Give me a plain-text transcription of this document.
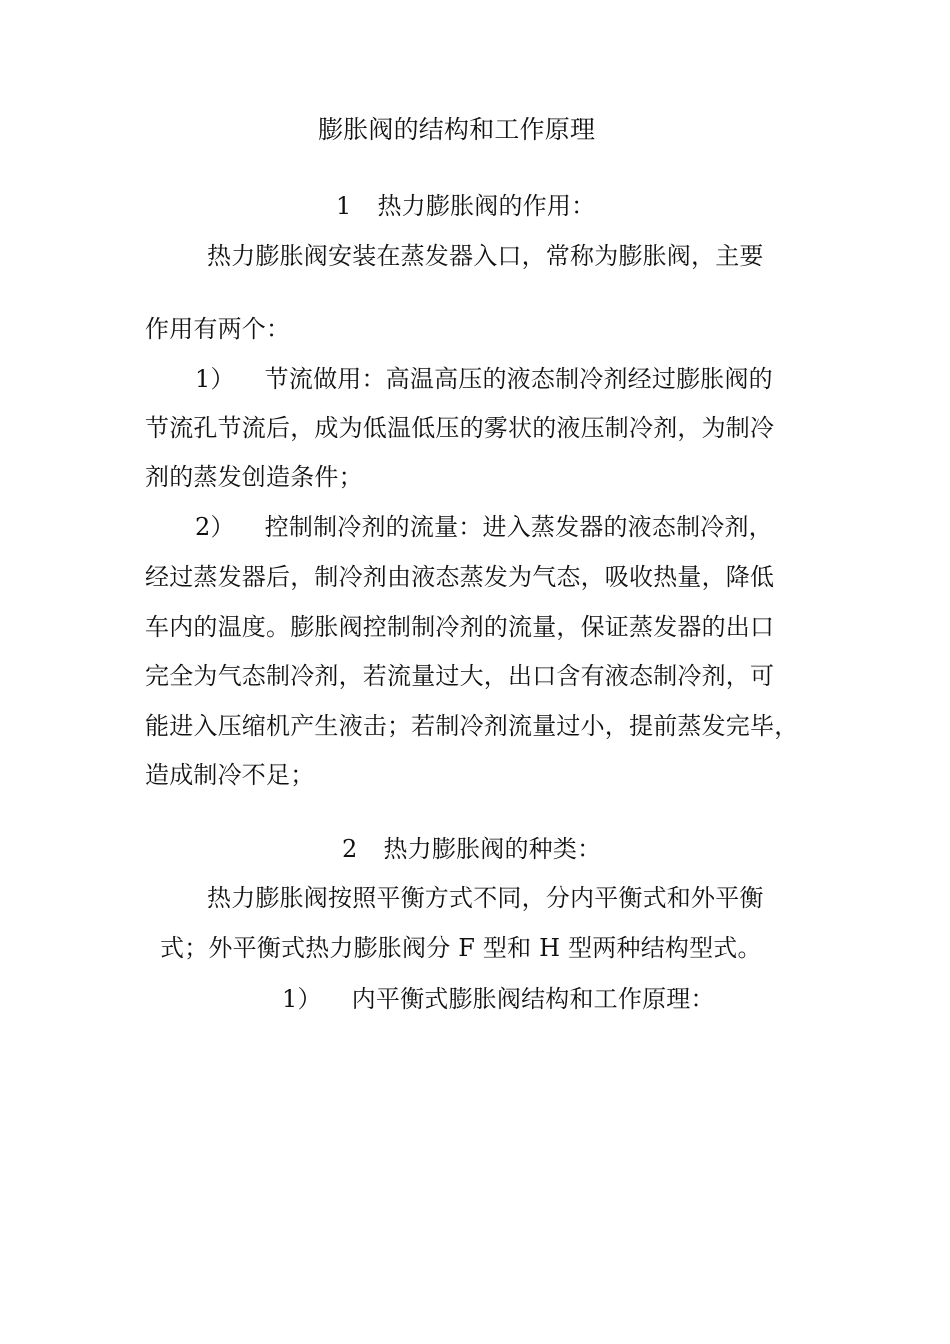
膨胀阀的结构和工作原理
1 热力膨胀阀的作用：
热力膨胀阀安装在蒸发器入口，常称为膨胀阀，主要
作用有两个：
1） 节流做用：高温高压的液态制冷剂经过膨胀阀的
节流孔节流后，成为低温低压的雾状的液压制冷剂，为制冷
剂的蒸发创造条件；
2） 控制制冷剂的流量：进入蒸发器的液态制冷剂，
经过蒸发器后，制冷剂由液态蒸发为气态，吸收热量，降低
车内的温度。膨胀阀控制制冷剂的流量，保证蒸发器的出口
完全为气态制冷剂，若流量过大，出口含有液态制冷剂，可
能进入压缩机产生液击；若制冷剂流量过小，提前蒸发完毕，
造成制冷不足；
2 热力膨胀阀的种类：
热力膨胀阀按照平衡方式不同，分内平衡式和外平衡
式；外平衡式热力膨胀阀分 F 型和 H 型两种结构型式。
1） 内平衡式膨胀阀结构和工作原理：
